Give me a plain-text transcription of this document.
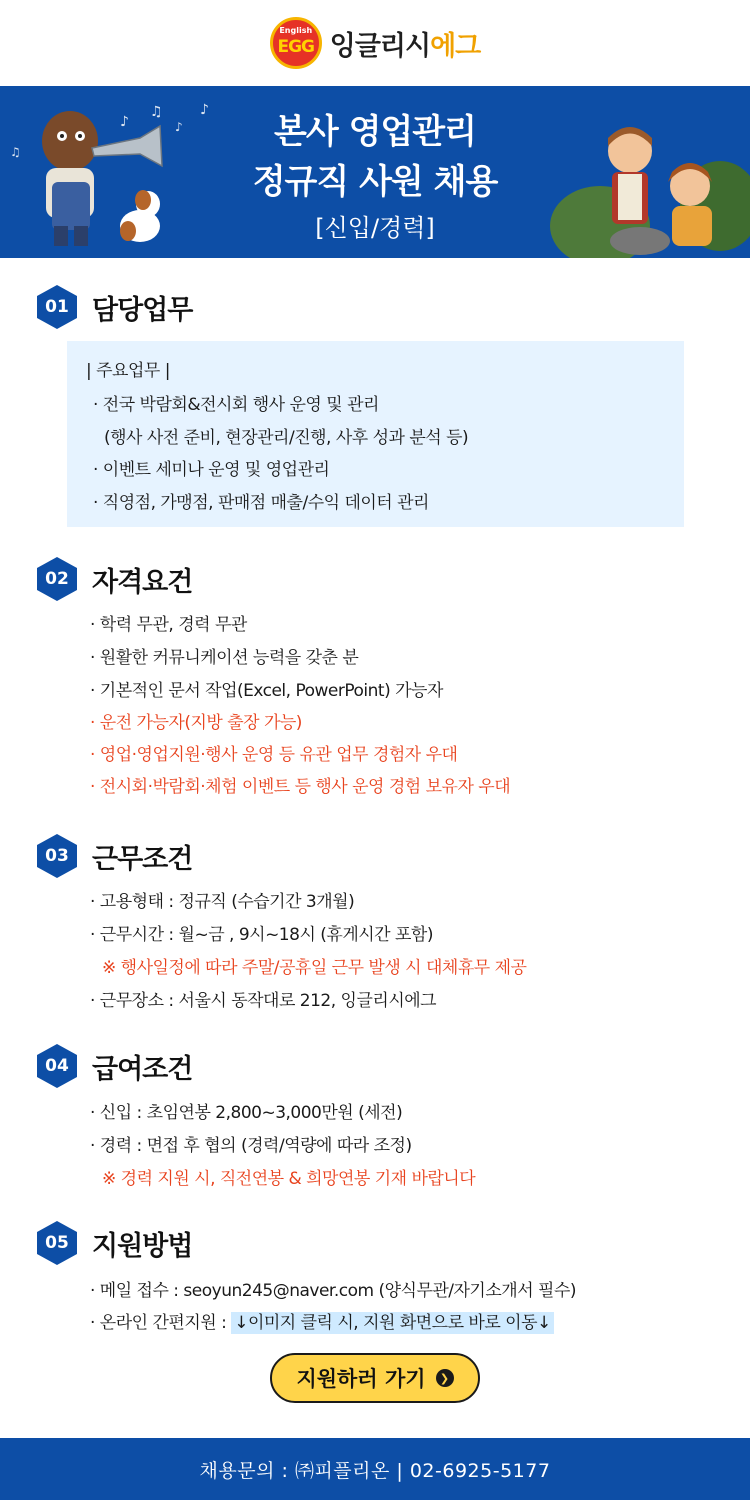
English
EGG 잉글리시에그
♪
♫
♪
♪
♫	본사 영업관리
정규직 사원 채용
[신입/경력]
01 담당업무
| 주요업무 |
· 전국 박람회&전시회 행사 운영 및 관리
(행사 사전 준비, 현장관리/진행, 사후 성과 분석 등)
· 이벤트 세미나 운영 및 영업관리
· 직영점, 가맹점, 판매점 매출/수익 데이터 관리
02 자격요건
· 학력 무관, 경력 무관
· 원활한 커뮤니케이션 능력을 갖춘 분
· 기본적인 문서 작업(Excel, PowerPoint) 가능자
· 운전 가능자(지방 출장 가능)
· 영업·영업지원·행사 운영 등 유관 업무 경험자 우대
· 전시회·박람회·체험 이벤트 등 행사 운영 경험 보유자 우대
03 근무조건
· 고용형태 : 정규직 (수습기간 3개월)
· 근무시간 : 월~금 , 9시~18시 (휴게시간 포함)
※ 행사일정에 따라 주말/공휴일 근무 발생 시 대체휴무 제공
· 근무장소 : 서울시 동작대로 212, 잉글리시에그
04 급여조건
· 신입 : 초임연봉 2,800~3,000만원 (세전)
· 경력 : 면접 후 협의 (경력/역량에 따라 조정)
※ 경력 지원 시, 직전연봉 & 희망연봉 기재 바랍니다
05 지원방법
· 메일 접수 : seoyun245@naver.com (양식무관/자기소개서 필수)
· 온라인 간편지원 : ↓이미지 클릭 시, 지원 화면으로 바로 이동↓
지원하러 가기	❯
채용문의 : ㈜피플리온 | 02-6925-5177
